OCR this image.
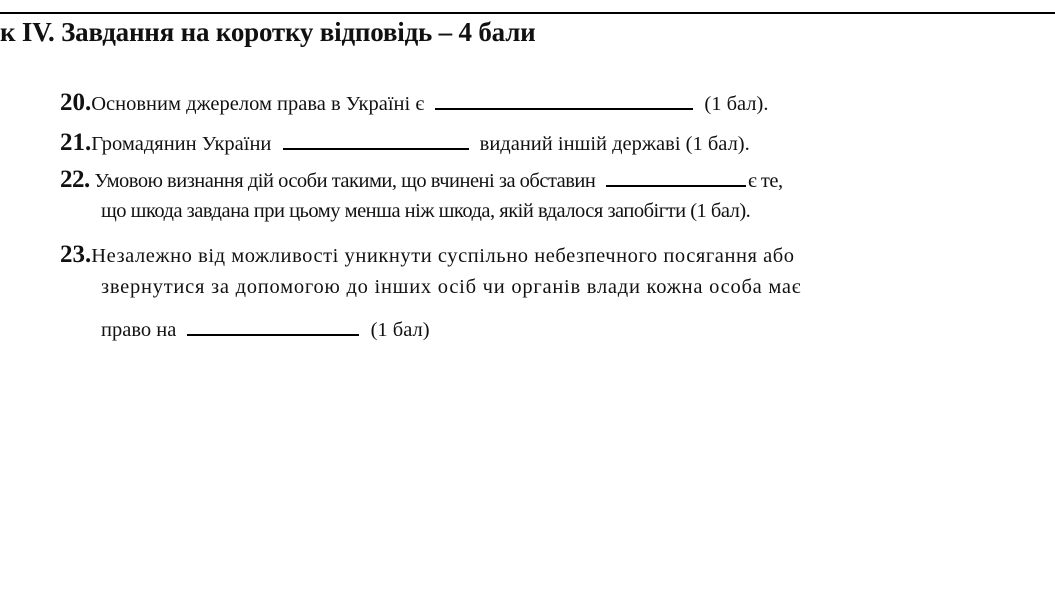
к IV. Завдання на коротку відповідь – 4 бали
20.Основним джерелом права в Україні є	(1 бал).
21.Громадянин України	виданий іншій державі (1 бал).
22. Умовою визнання дій особи такими, що вчинені за обставин	є те,
що шкода завдана при цьому менша ніж шкода, якій вдалося запобігти (1 бал).
23.Незалежно від можливості уникнути суспільно небезпечного посягання або
звернутися за допомогою до інших осіб чи органів влади кожна особа має
право на	(1 бал)
